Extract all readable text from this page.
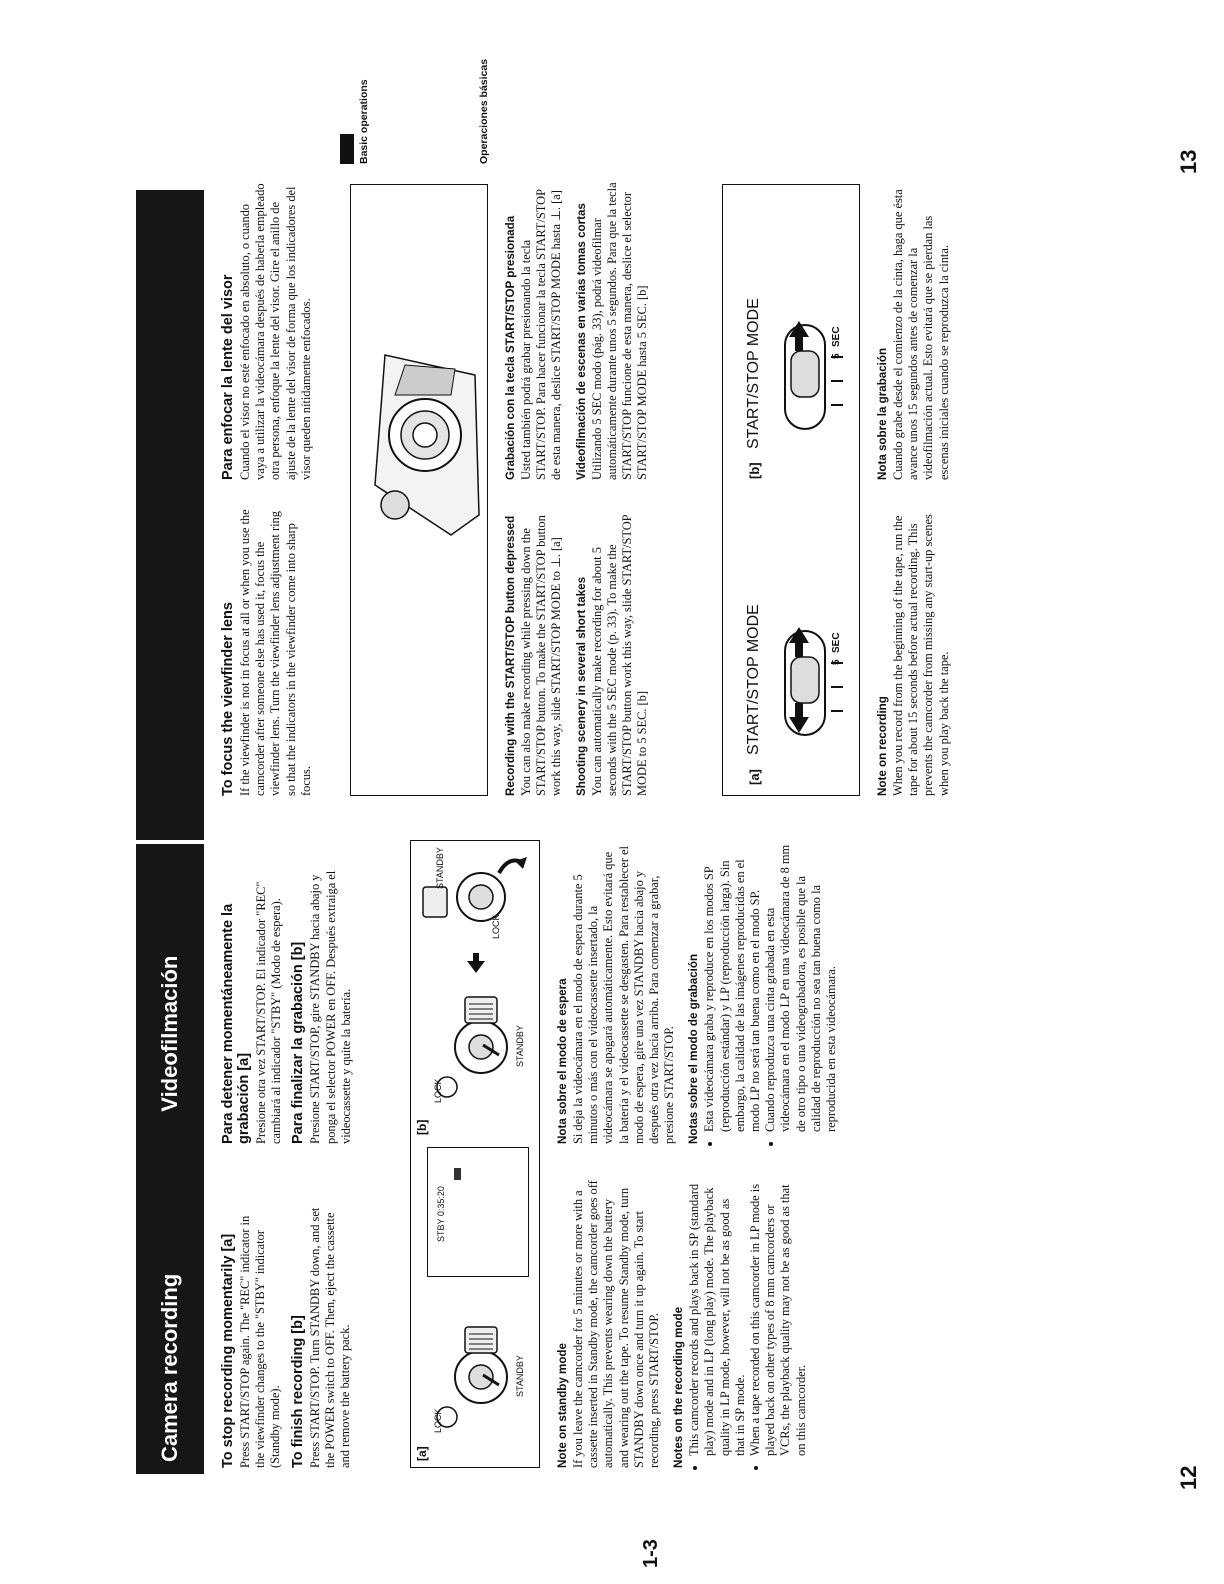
12
13
1-3
Basic operations	Operaciones básicas
Camera recording
Videofilmación
To stop recording momentarily [a] Press START/STOP again. The "REC" indicator in the viewfinder changes to the "STBY" indicator (Standby mode). To finish recording [b] Press START/STOP. Turn STANDBY down, and set the POWER switch to OFF. Then, eject the cassette and remove the battery pack.

Para detener momentáneamente la grabación [a] Presione otra vez START/STOP. El indicador "REC" cambiará al indicador "STBY" (Modo de espera). Para finalizar la grabación [b] Presione START/STOP, gire STANDBY hacia abajo y ponga el selector POWER en OFF. Después extraiga el videocassette y quite la batería.

[a]
[b]
LOCK
STANDBY
STBY 0:35:20
LOCK
STANDBY
LOCK
STANDBY
Note on standby mode If you leave the camcorder for 5 minutes or more with a cassette inserted in Standby mode, the camcorder goes off automatically. This prevents wearing down the battery and wearing out the tape. To resume Standby mode, turn STANDBY down once and turn it up again. To start recording, press START/STOP. Notes on the recording mode • This camcorder records and plays back in SP (standard play) mode and in LP (long play) mode. The playback quality in LP mode, however, will not be as good as that in SP mode. • When a tape recorded on this camcorder in LP mode is played back on other types of 8 mm camcorders or VCRs, the playback quality may not be as good as that on this camcorder.
Nota sobre el modo de espera Si deja la videocámara en el modo de espera durante 5 minutos o más con el videocassette insertado, la videocámara se apagará automáticamente. Esto evitará que la batería y el videocassette se desgasten. Para restablecer el modo de espera, gire una vez STANDBY hacia abajo y después otra vez hacia arriba. Para comenzar a grabar, presione START/STOP. Notas sobre el modo de grabación • Esta videocámara graba y reproduce en los modos SP (reproducción estándar) y LP (reproducción larga). Sin embargo, la calidad de las imágenes reproducidas en el modo LP no será tan buena como en el modo SP. • Cuando reproduzca una cinta grabada en esta videocámara en el modo LP en una videocámara de 8 mm de otro tipo o una videograbadora, es posible que la calidad de reproducción no sea tan buena como la reproducida en esta videocámara.
To focus the viewfinder lens If the viewfinder is not in focus at all or when you use the camcorder after someone else has used it, focus the viewfinder lens. Turn the viewfinder lens adjustment ring so that the indicators in the viewfinder come into sharp focus.

Para enfocar la lente del visor Cuando el visor no esté enfocado en absoluto, o cuando vaya a utilizar la videocámara después de haberla empleado otra persona, enfoque la lente del visor. Gire el anillo de ajuste de la lente del visor de forma que los indicadores del visor queden nítidamente enfocados.

Recording with the START/STOP button depressed You can also make recording while pressing down the START/STOP button. To make the START/STOP button work this way, slide START/STOP MODE to ⊥. [a] Shooting scenery in several short takes You can automatically make recording for about 5 seconds with the 5 SEC mode (p. 33). To make the START/STOP button work this way, slide START/STOP MODE to 5 SEC. [b]

Grabación con la tecla START/STOP presionada Usted también podrá grabar presionando la tecla START/STOP. Para hacer funcionar la tecla START/STOP de esta manera, deslice START/STOP MODE hasta ⊥. [a] Videofilmación de escenas en varias tomas cortas Utilizando 5 SEC modo (pág. 33), podrá videofilmar automáticamente durante unos 5 segundos. Para que la tecla START/STOP funcione de esta manera, deslice el selector START/STOP MODE hasta 5 SEC. [b]

[a]
START/STOP MODE	5
SEC
[b]
START/STOP MODE	5
SEC
Note on recording When you record from the beginning of the tape, run the tape for about 15 seconds before actual recording. This prevents the camcorder from missing any start-up scenes when you play back the tape.

Nota sobre la grabación Cuando grabe desde el comienzo de la cinta, haga que ésta avance unos 15 segundos antes de comenzar la videofilmación actual. Esto evitará que se pierdan las escenas iniciales cuando se reproduzca la cinta.
